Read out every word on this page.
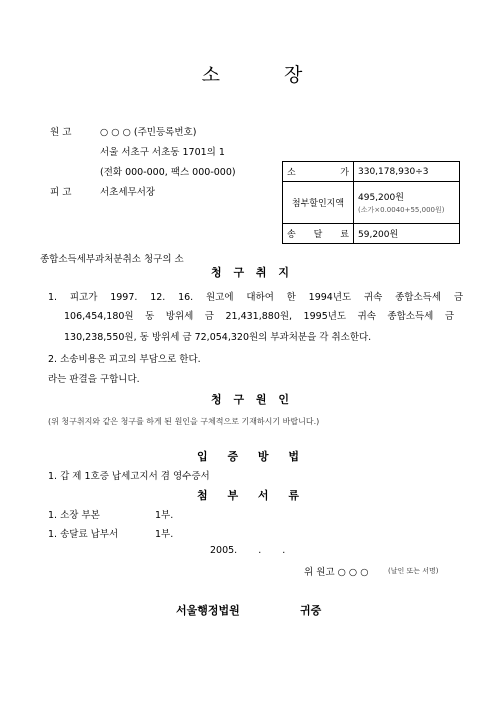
소	장
원 고	○ ○ ○ (주민등록번호)
서울 서초구 서초동 1701의 1
(전화 000-000, 팩스 000-000)
피 고	서초세무서장
소 가	330,178,930÷3
첨부할인지액	495,200원
(소가×0.0040+55,000원)

송 달 료	59,200원
종합소득세부과처분취소 청구의 소
청 구 취 지
1. 피고가 1997. 12. 16. 원고에 대하여 한 1994년도 귀속 종합소득세 금
106,454,180원 동 방위세 금 21,431,880원, 1995년도 귀속 종합소득세 금
130,238,550원, 동 방위세 금 72,054,320원의 부과처분을 각 취소한다.
2. 소송비용은 피고의 부담으로 한다.
라는 판결을 구합니다.
청 구 원 인
(위 청구취지와 같은 청구를 하게 된 원인을 구체적으로 기재하시기 바랍니다.)
입 증 방 법
1. 갑 제 1호증 납세고지서 겸 영수증서
첨 부 서 류
1. 소장 부본	1부.
1. 송달료 납부서	1부.
2005. . .
위 원고 ○ ○ ○	(날인 또는 서명)
서울행정법원	귀중
